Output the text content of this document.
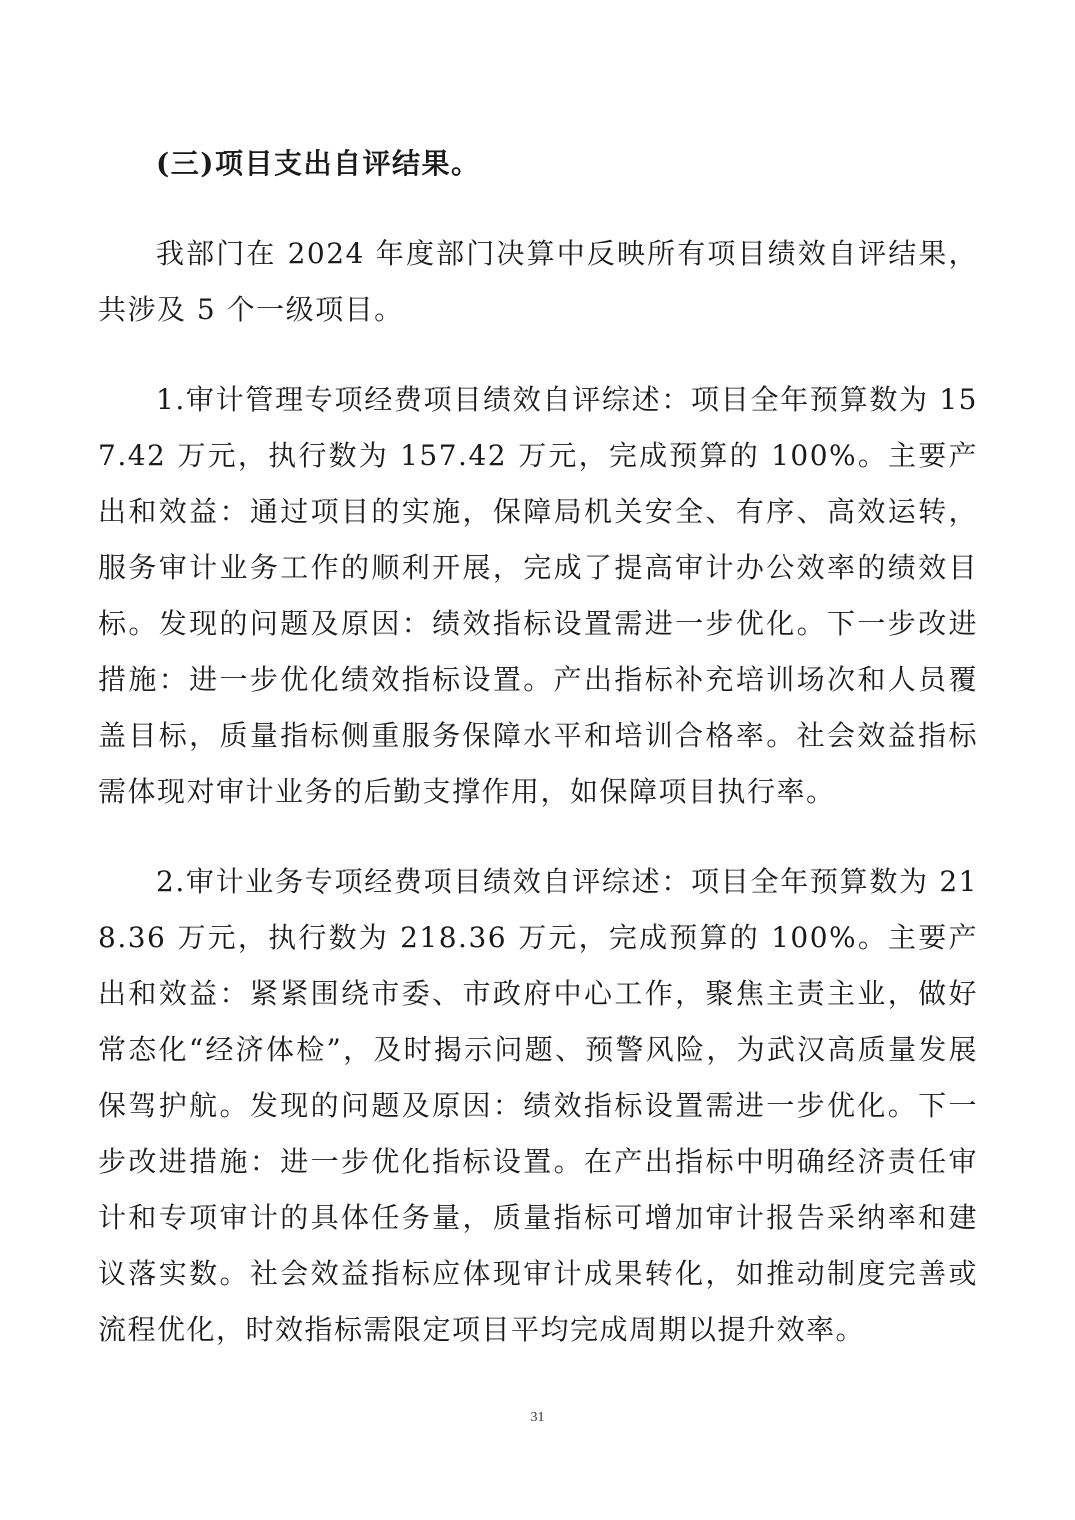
(三)项目支出自评结果。

我部门在 2024 年度部门决算中反映所有项目绩效自评结果，共涉及 5 个一级项目。

1.审计管理专项经费项目绩效自评综述：项目全年预算数为 157.42 万元，执行数为 157.42 万元，完成预算的 100%。主要产出和效益：通过项目的实施，保障局机关安全、有序、高效运转，服务审计业务工作的顺利开展，完成了提高审计办公效率的绩效目标。发现的问题及原因：绩效指标设置需进一步优化。下一步改进措施：进一步优化绩效指标设置。产出指标补充培训场次和人员覆盖目标，质量指标侧重服务保障水平和培训合格率。社会效益指标需体现对审计业务的后勤支撑作用，如保障项目执行率。

2.审计业务专项经费项目绩效自评综述：项目全年预算数为 218.36 万元，执行数为 218.36 万元，完成预算的 100%。主要产出和效益：紧紧围绕市委、市政府中心工作，聚焦主责主业，做好常态化“经济体检”，及时揭示问题、预警风险，为武汉高质量发展保驾护航。发现的问题及原因：绩效指标设置需进一步优化。下一步改进措施：进一步优化指标设置。在产出指标中明确经济责任审计和专项审计的具体任务量，质量指标可增加审计报告采纳率和建议落实数。社会效益指标应体现审计成果转化，如推动制度完善或流程优化，时效指标需限定项目平均完成周期以提升效率。

31
